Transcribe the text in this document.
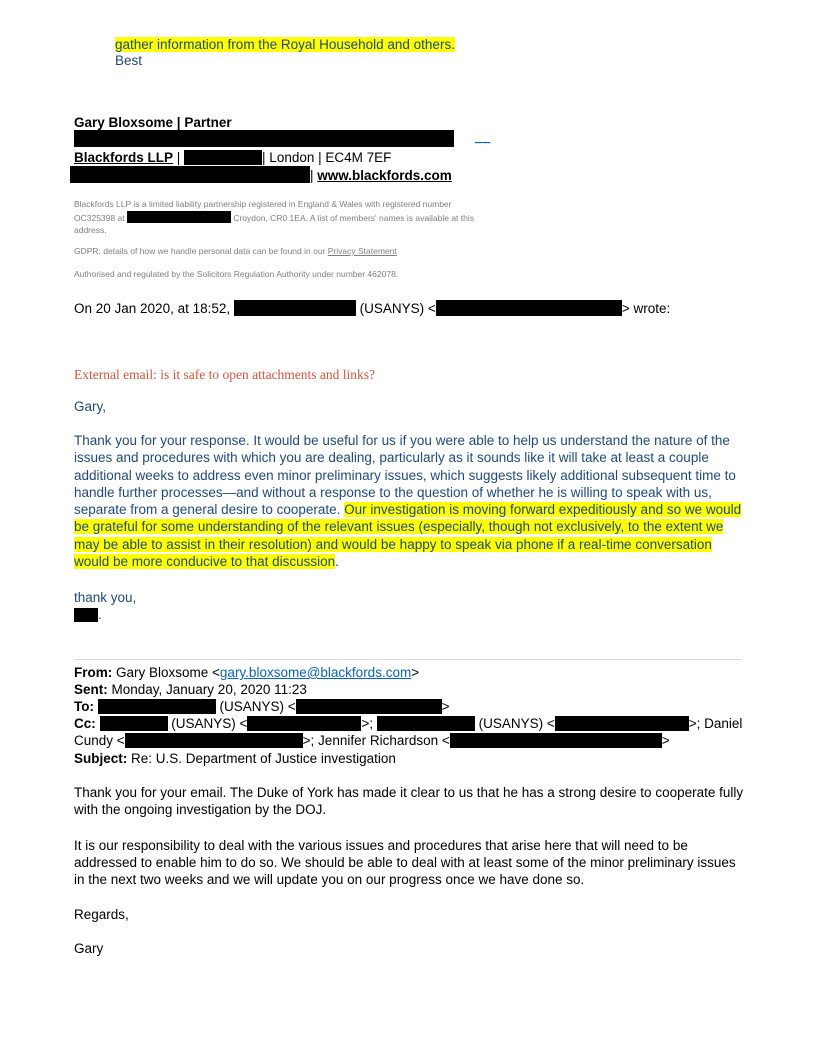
gather information from the Royal Household and others.
Best
Gary Bloxsome | Partner
_ _
Blackfords LLP |	| London | EC4M 7EF
| www.blackfords.com
Blackfords LLP is a limited liability partnership registered in England & Wales with registered number
OC325398 at	Croydon, CR0 1EA. A list of members' names is available at this
address.
GDPR: details of how we handle personal data can be found in our Privacy Statement
Authorised and regulated by the Solicitors Regulation Authority under number 462078.
On 20 Jan 2020, at 18:52,	(USANYS) <	> wrote:
External email: is it safe to open attachments and links?
Gary,
Thank you for your response. It would be useful for us if you were able to help us understand the nature of the issues and procedures with which you are dealing, particularly as it sounds like it will take at least a couple additional weeks to address even minor preliminary issues, which suggests likely additional subsequent time to handle further processes—and without a response to the question of whether he is willing to speak with us, separate from a general desire to cooperate. Our investigation is moving forward expeditiously and so we would be grateful for some understanding of the relevant issues (especially, though not exclusively, to the extent we may be able to assist in their resolution) and would be happy to speak via phone if a real-time conversation would be more conducive to that discussion.
thank you,
.
From: Gary Bloxsome <gary.bloxsome@blackfords.com>
Sent: Monday, January 20, 2020 11:23
To:	(USANYS) <	>
Cc:	(USANYS) <	>;	(USANYS) <	>; Daniel
Cundy <	>; Jennifer Richardson <	>
Subject: Re: U.S. Department of Justice investigation
Thank you for your email. The Duke of York has made it clear to us that he has a strong desire to cooperate fully with the ongoing investigation by the DOJ.
It is our responsibility to deal with the various issues and procedures that arise here that will need to be addressed to enable him to do so. We should be able to deal with at least some of the minor preliminary issues in the next two weeks and we will update you on our progress once we have done so.
Regards,
Gary
